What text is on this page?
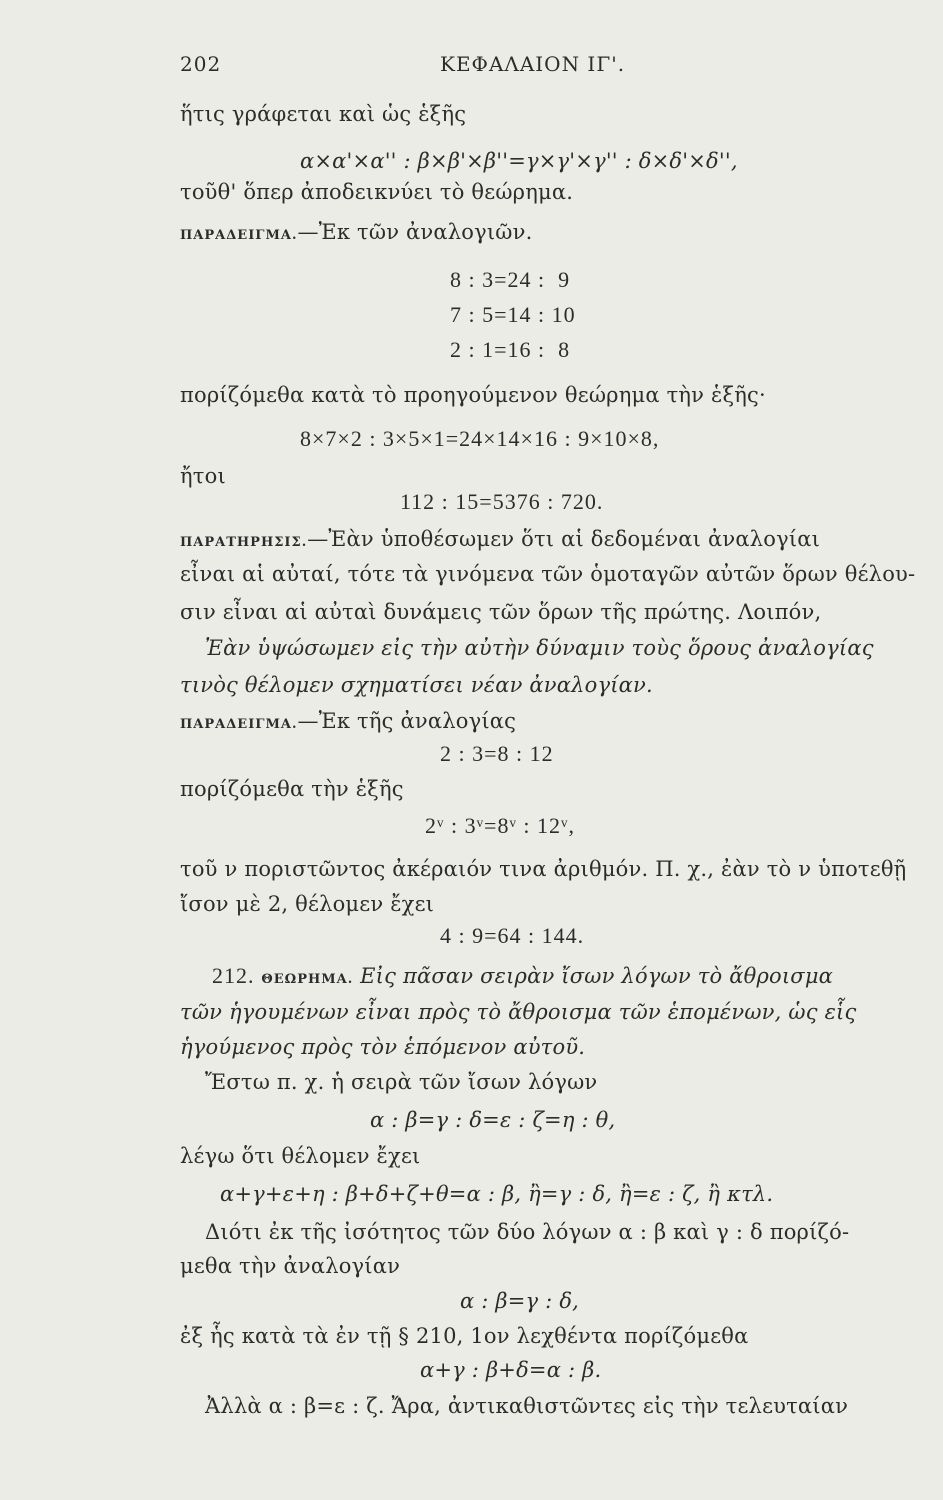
202	ΚΕΦΑΛΑΙΟΝ ΙΓ'.
ἥτις γράφεται καὶ ὡς ἑξῆς
α×α'×α'' : β×β'×β''=γ×γ'×γ'' : δ×δ'×δ'',
τοῦθ' ὅπερ ἀποδεικνύει τὸ θεώρημα.
ΠΑΡΑΔΕΙΓΜΑ.—Ἐκ τῶν ἀναλογιῶν.
8 : 3=24 :  9
7 : 5=14 : 10
2 : 1=16 :  8
πορίζόμεθα κατὰ τὸ προηγούμενον θεώρημα τὴν ἑξῆς·
8×7×2 : 3×5×1=24×14×16 : 9×10×8,
ἤτοι
112 : 15=5376 : 720.
ΠΑΡΑΤΗΡΗΣΙΣ.—Ἐὰν ὑποθέσωμεν ὅτι αἱ δεδομέναι ἀναλογίαι
εἶναι αἱ αὐταί, τότε τὰ γινόμενα τῶν ὁμοταγῶν αὐτῶν ὅρων θέλου-
σιν εἶναι αἱ αὐταὶ δυνάμεις τῶν ὅρων τῆς πρώτης. Λοιπόν,
Ἐὰν ὑψώσωμεν εἰς τὴν αὐτὴν δύναμιν τοὺς ὅρους ἀναλογίας
τινὸς θέλομεν σχηματίσει νέαν ἀναλογίαν.
ΠΑΡΑΔΕΙΓΜΑ.—Ἐκ τῆς ἀναλογίας
2 : 3=8 : 12
πορίζόμεθα τὴν ἑξῆς
2ᵛ : 3ᵛ=8ᵛ : 12ᵛ,
τοῦ ν ποριστῶντος ἀκέραιόν τινα ἀριθμόν. Π. χ., ἐὰν τὸ ν ὑποτεθῇ
ἴσον μὲ 2, θέλομεν ἔχει
4 : 9=64 : 144.
212. ΘΕΩΡΗΜΑ. Εἰς πᾶσαν σειρὰν ἴσων λόγων τὸ ἄθροισμα
τῶν ἡγουμένων εἶναι πρὸς τὸ ἄθροισμα τῶν ἑπομένων, ὡς εἷς
ἡγούμενος πρὸς τὸν ἑπόμενον αὐτοῦ.
Ἔστω π. χ. ἡ σειρὰ τῶν ἴσων λόγων
α : β=γ : δ=ε : ζ=η : θ,
λέγω ὅτι θέλομεν ἔχει
α+γ+ε+η : β+δ+ζ+θ=α : β, ἢ=γ : δ, ἢ=ε : ζ, ἢ κτλ.
Διότι ἐκ τῆς ἰσότητος τῶν δύο λόγων α : β καὶ γ : δ πορίζό-
μεθα τὴν ἀναλογίαν
α : β=γ : δ,
ἐξ ἧς κατὰ τὰ ἐν τῇ § 210, 1ον λεχθέντα πορίζόμεθα
α+γ : β+δ=α : β.
Ἀλλὰ α : β=ε : ζ. Ἄρα, ἀντικαθιστῶντες εἰς τὴν τελευταίαν
